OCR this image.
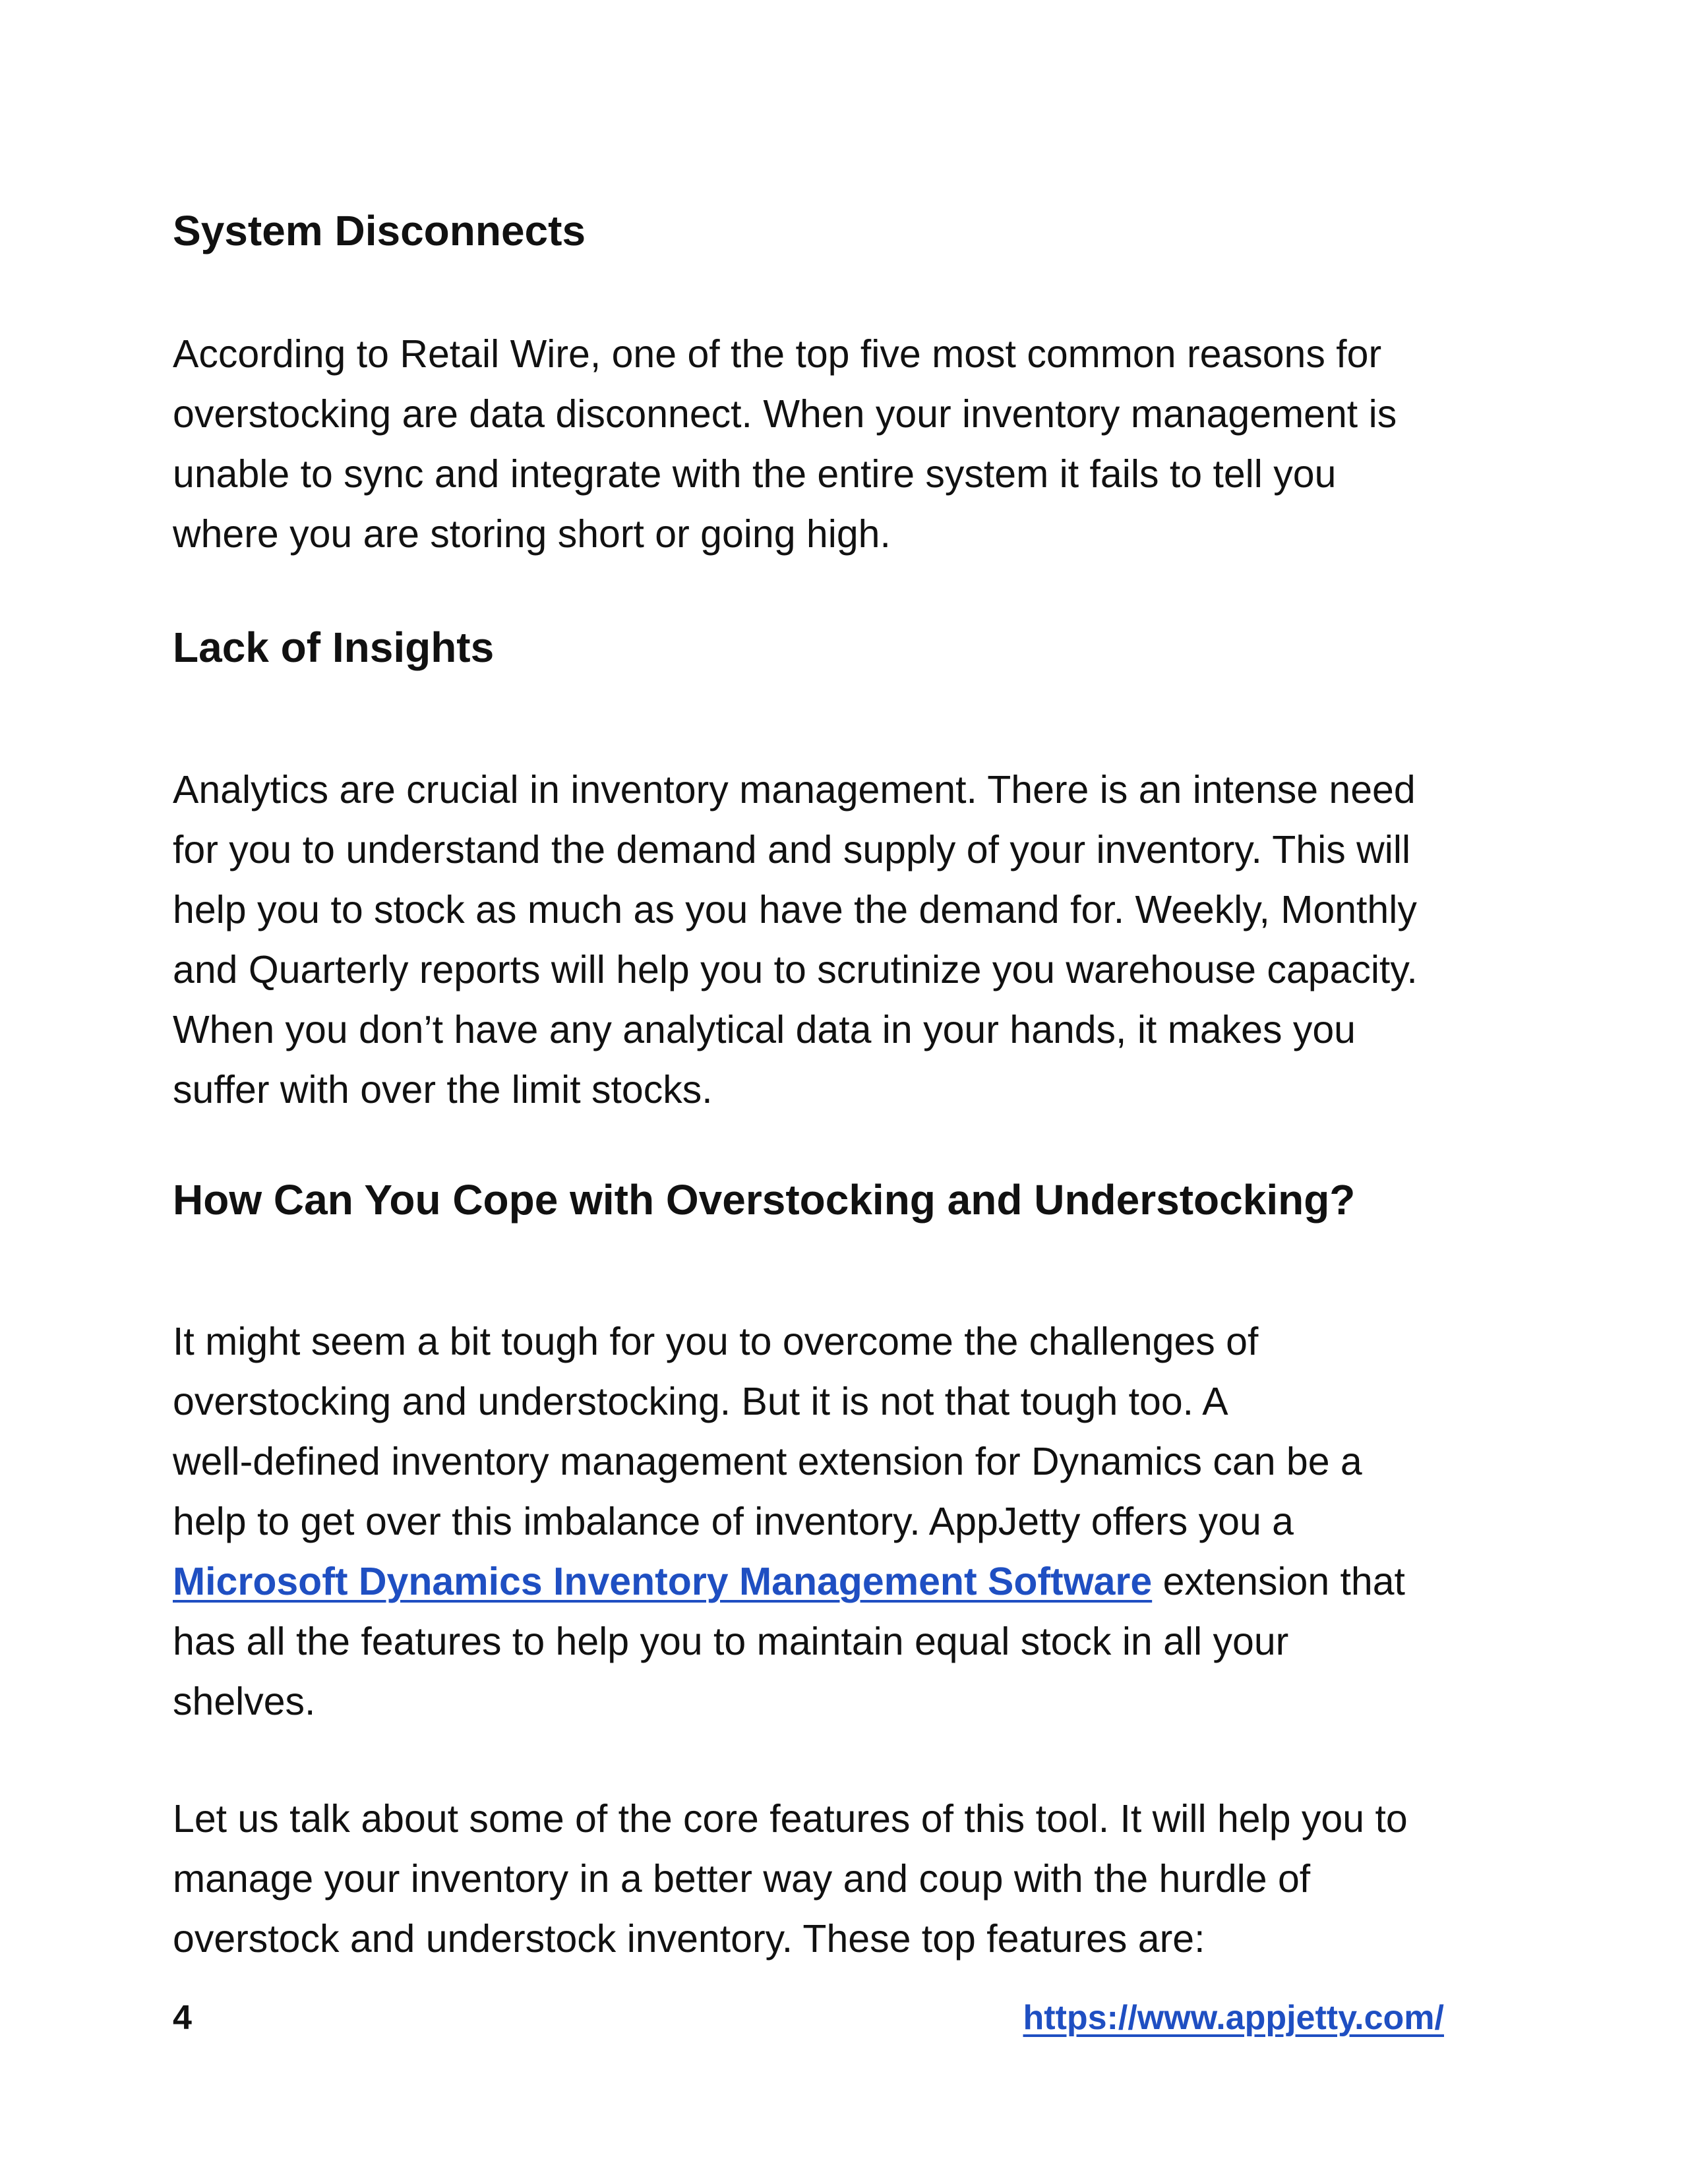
System Disconnects

According to Retail Wire, one of the top five most common reasons for
overstocking are data disconnect. When your inventory management is
unable to sync and integrate with the entire system it fails to tell you
where you are storing short or going high.

Lack of Insights

Analytics are crucial in inventory management. There is an intense need
for you to understand the demand and supply of your inventory. This will
help you to stock as much as you have the demand for. Weekly, Monthly
and Quarterly reports will help you to scrutinize you warehouse capacity.
When you don’t have any analytical data in your hands, it makes you
suffer with over the limit stocks.

How Can You Cope with Overstocking and Understocking?

It might seem a bit tough for you to overcome the challenges of
overstocking and understocking. But it is not that tough too. A
well-defined inventory management extension for Dynamics can be a
help to get over this imbalance of inventory. AppJetty offers you a
Microsoft Dynamics Inventory Management Software extension that
has all the features to help you to maintain equal stock in all your
shelves.

Let us talk about some of the core features of this tool. It will help you to
manage your inventory in a better way and coup with the hurdle of
overstock and understock inventory. These top features are:

4	https://www.appjetty.com/
